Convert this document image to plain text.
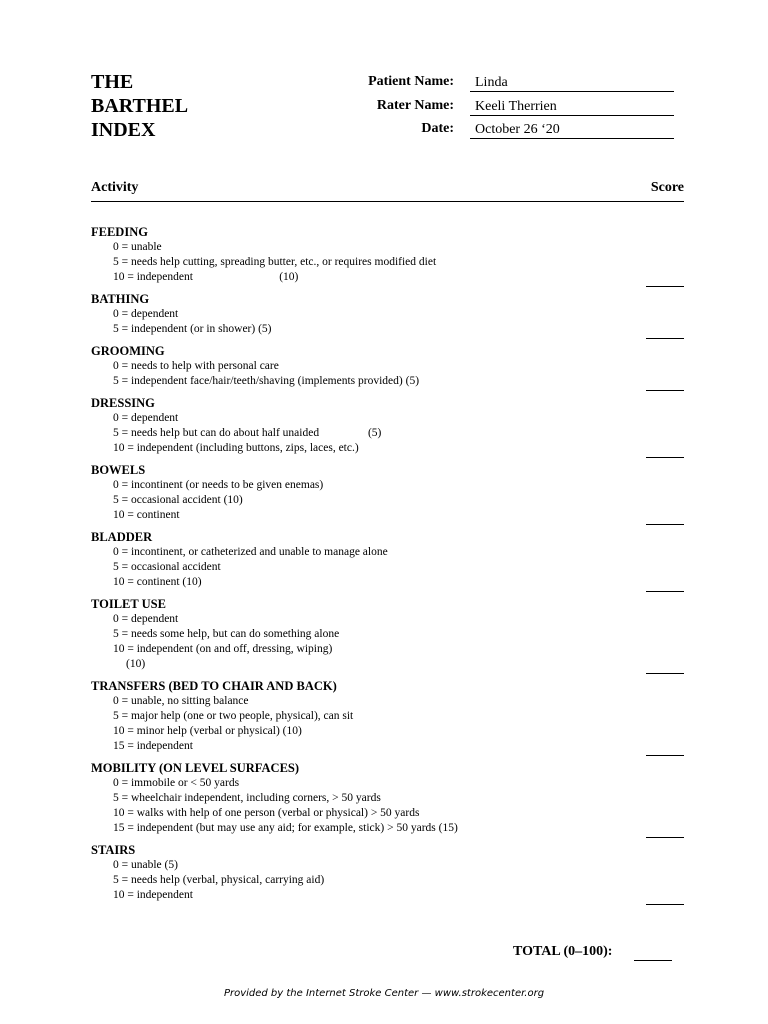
THE
BARTHEL
INDEX
Patient Name: Linda
Rater Name: Keeli Therrien
Date: October 26 ‘20
Activity	Score
FEEDING
0 = unable
5 = needs help cutting, spreading butter, etc., or requires modified diet
10 = independent                              (10)
BATHING
0 = dependent
5 = independent (or in shower) (5)
GROOMING
0 = needs to help with personal care
5 = independent face/hair/teeth/shaving (implements provided) (5)
DRESSING
0 = dependent
5 = needs help but can do about half unaided                 (5)
10 = independent (including buttons, zips, laces, etc.)
BOWELS
0 = incontinent (or needs to be given enemas)
5 = occasional accident (10)
10 = continent
BLADDER
0 = incontinent, or catheterized and unable to manage alone
5 = occasional accident
10 = continent (10)
TOILET USE
0 = dependent
5 = needs some help, but can do something alone
10 = independent (on and off, dressing, wiping)
(10)
TRANSFERS (BED TO CHAIR AND BACK)
0 = unable, no sitting balance
5 = major help (one or two people, physical), can sit
10 = minor help (verbal or physical) (10)
15 = independent
MOBILITY (ON LEVEL SURFACES)
0 = immobile or < 50 yards
5 = wheelchair independent, including corners, > 50 yards
10 = walks with help of one person (verbal or physical) > 50 yards
15 = independent (but may use any aid; for example, stick) > 50 yards (15)
STAIRS
0 = unable (5)
5 = needs help (verbal, physical, carrying aid)
10 = independent
TOTAL (0–100):
Provided by the Internet Stroke Center — www.strokecenter.org
